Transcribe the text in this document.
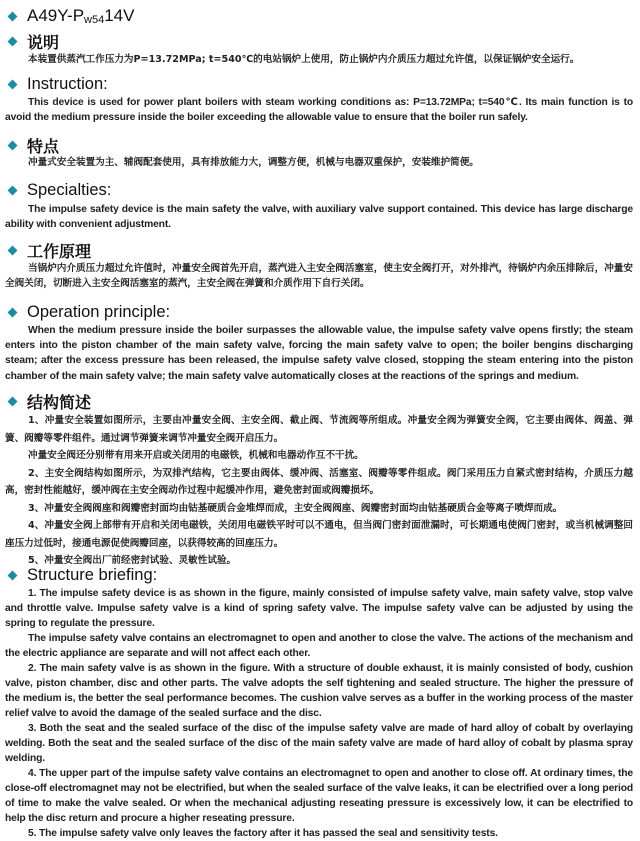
$A49Y-P_{w54}14V$
说明
本装置供蒸汽工作压力为P=13.72MPa; t=540℃的电站锅炉上使用，防止锅炉内介质压力超过允许值，以保证锅炉安全运行。
Instruction:
This device is used for power plant boilers with steam working conditions as: P=13.72MPa; t=540℃. Its main function is to avoid the medium pressure inside the boiler exceeding the allowable value to ensure that the boiler run safely.
特点
冲量式安全装置为主、辅阀配套使用，具有排放能力大，调整方便，机械与电器双重保护，安装维护简便。
Specialties:
The impulse safety device is the main safety the valve, with auxiliary valve support contained. This device has large discharge ability with convenient adjustment.
工作原理
当锅炉内介质压力超过允许值时，冲量安全阀首先开启，蒸汽进入主安全阀活塞室，使主安全阀打开，对外排汽，待锅炉内余压排除后，冲量安全阀关闭，切断进入主安全阀活塞室的蒸汽，主安全阀在弹簧和介质作用下自行关闭。
Operation principle:
When the medium pressure inside the boiler surpasses the allowable value, the impulse safety valve opens firstly; the steam enters into the piston chamber of the main safety valve, forcing the main safety valve to open; the boiler bengins discharging steam; after the excess pressure has been released, the impulse safety valve closed, stopping the steam entering into the piston chamber of the main safety valve; the main safety valve automatically closes at the reactions of the springs and medium.
结构简述
1、冲量安全装置如图所示，主要由冲量安全阀、主安全阀、截止阀、节流阀等所组成。冲量安全阀为弹簧安全阀，它主要由阀体、阀盖、弹簧、阀瓣等零件组件。通过调节弹簧来调节冲量安全阀开启压力。
冲量安全阀还分别带有用来开启或关闭用的电磁铁，机械和电器动作互不干扰。
2、主安全阀结构如图所示，为双排汽结构，它主要由阀体、缓冲阀、活塞室、阀瓣等零件组成。阀门采用压力自紧式密封结构，介质压力越高，密封性能越好，缓冲阀在主安全阀动作过程中起缓冲作用，避免密封面或阀瓣损坏。
3、冲量安全阀阀座和阀瓣密封面均由钴基硬质合金堆焊而成，主安全阀阀座、阀瓣密封面均由钴基硬质合金等离子喷焊而成。
4、冲量安全阀上部带有开启和关闭电磁铁，关闭用电磁铁平时可以不通电，但当阀门密封面泄漏时，可长期通电使阀门密封，或当机械调整回座压力过低时，接通电源促使阀瓣回座，以获得较高的回座压力。
5、冲量安全阀出厂前经密封试验、灵敏性试验。
Structure briefing:
1. The impulse safety device is as shown in the figure, mainly consisted of impulse safety valve, main safety valve, stop valve and throttle valve. Impulse safety valve is a kind of spring safety valve. The impulse safety valve can be adjusted by using the spring to regulate the pressure.
The impulse safety valve contains an electromagnet to open and another to close the valve. The actions of the mechanism and the electric appliance are separate and will not affect each other.
2. The main safety valve is as shown in the figure. With a structure of double exhaust, it is mainly consisted of body, cushion valve, piston chamber, disc and other parts. The valve adopts the self tightening and sealed structure. The higher the pressure of the medium is, the better the seal performance becomes. The cushion valve serves as a buffer in the working process of the master relief valve to avoid the damage of the sealed surface and the disc.
3. Both the seat and the sealed surface of the disc of the impulse safety valve are made of hard alloy of cobalt by overlaying welding. Both the seat and the sealed surface of the disc of the main safety valve are made of hard alloy of cobalt by plasma spray welding.
4. The upper part of the impulse safety valve contains an electromagnet to open and another to close off. At ordinary times, the close-off electromagnet may not be electrified, but when the sealed surface of the valve leaks, it can be electrified over a long period of time to make the valve sealed. Or when the mechanical adjusting reseating pressure is excessively low, it can be electrified to help the disc return and procure a higher reseating pressure.
5. The impulse safety valve only leaves the factory after it has passed the seal and sensitivity tests.
